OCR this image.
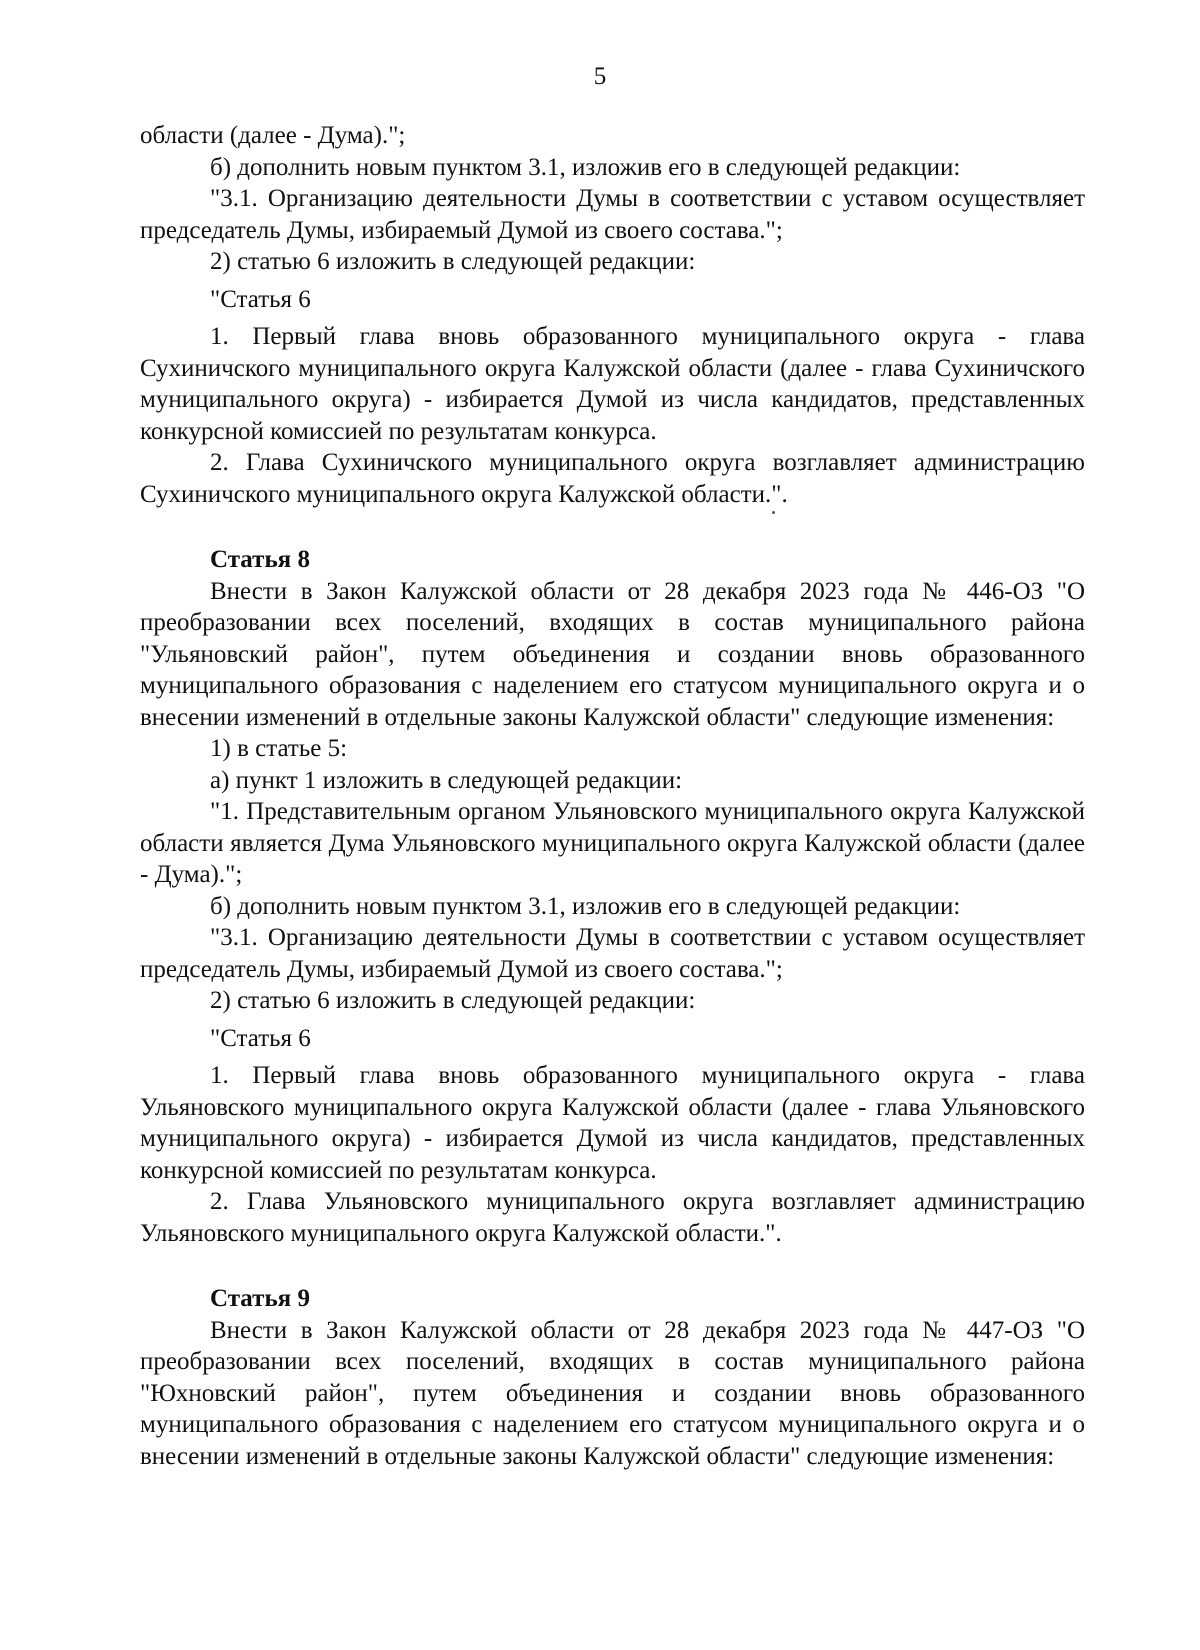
5

области (далее - Дума).";

б) дополнить новым пунктом 3.1, изложив его в следующей редакции:

"3.1. Организацию деятельности Думы в соответствии с уставом осуществляет председатель Думы, избираемый Думой из своего состава.";

2) статью 6 изложить в следующей редакции:

"Статья 6

1. Первый глава вновь образованного муниципального округа - глава Сухиничского муниципального округа Калужской области (далее - глава Сухиничского муниципального округа) - избирается Думой из числа кандидатов, представленных конкурсной комиссией по результатам конкурса.

2. Глава Сухиничского муниципального округа возглавляет администрацию Сухиничского муниципального округа Калужской области.".

Статья 8

Внести в Закон Калужской области от 28 декабря 2023 года № 446-ОЗ "О преобразовании всех поселений, входящих в состав муниципального района "Ульяновский район", путем объединения и создании вновь образованного муниципального образования с наделением его статусом муниципального округа и о внесении изменений в отдельные законы Калужской области" следующие изменения:

1) в статье 5:

а) пункт 1 изложить в следующей редакции:

"1. Представительным органом Ульяновского муниципального округа Калужской области является Дума Ульяновского муниципального округа Калужской области (далее - Дума).";

б) дополнить новым пунктом 3.1, изложив его в следующей редакции:

"3.1. Организацию деятельности Думы в соответствии с уставом осуществляет председатель Думы, избираемый Думой из своего состава.";

2) статью 6 изложить в следующей редакции:

"Статья 6

1. Первый глава вновь образованного муниципального округа - глава Ульяновского муниципального округа Калужской области (далее - глава Ульяновского муниципального округа) - избирается Думой из числа кандидатов, представленных конкурсной комиссией по результатам конкурса.

2. Глава Ульяновского муниципального округа возглавляет администрацию Ульяновского муниципального округа Калужской области.".

Статья 9

Внести в Закон Калужской области от 28 декабря 2023 года № 447-ОЗ "О преобразовании всех поселений, входящих в состав муниципального района "Юхновский район", путем объединения и создании вновь образованного муниципального образования с наделением его статусом муниципального округа и о внесении изменений в отдельные законы Калужской области" следующие изменения:
